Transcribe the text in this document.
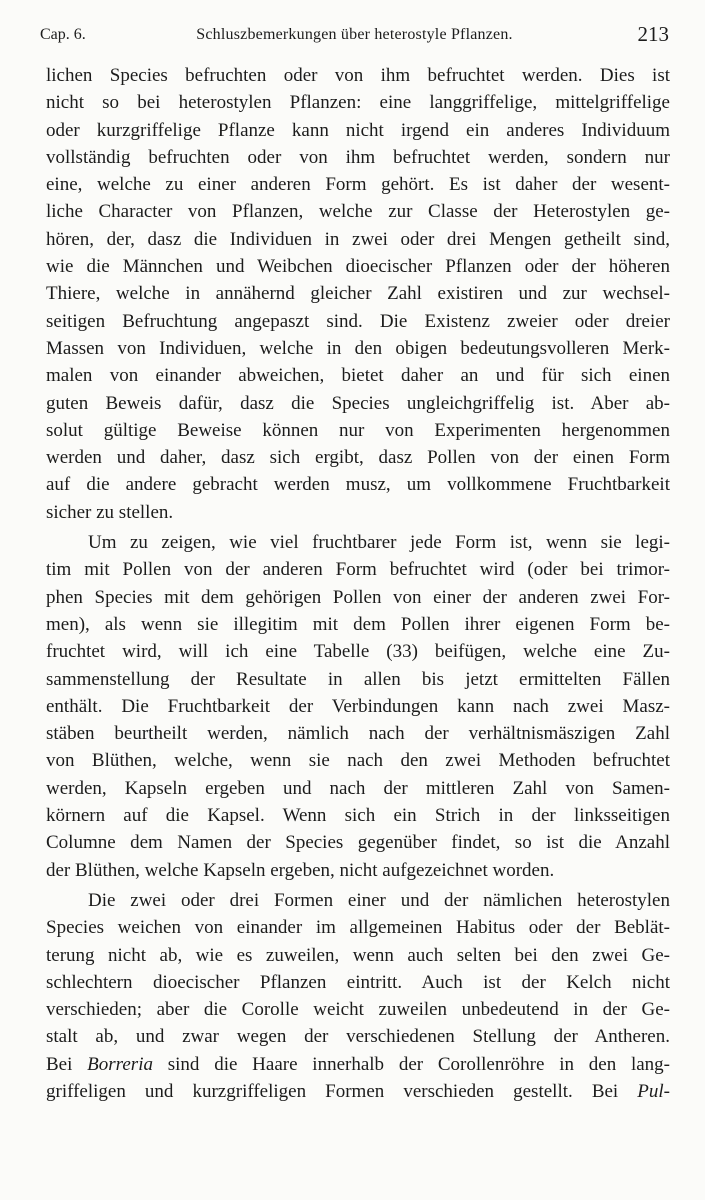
Cap. 6.	Schluszbemerkungen über heterostyle Pflanzen.	213
lichen Species befruchten oder von ihm befruchtet werden. Dies ist
nicht so bei heterostylen Pflanzen: eine langgriffelige, mittelgriffelige
oder kurzgriffelige Pflanze kann nicht irgend ein anderes Individuum
vollständig befruchten oder von ihm befruchtet werden, sondern nur
eine, welche zu einer anderen Form gehört. Es ist daher der wesent-
liche Character von Pflanzen, welche zur Classe der Heterostylen ge-
hören, der, dasz die Individuen in zwei oder drei Mengen getheilt sind,
wie die Männchen und Weibchen dioecischer Pflanzen oder der höheren
Thiere, welche in annähernd gleicher Zahl existiren und zur wechsel-
seitigen Befruchtung angepaszt sind. Die Existenz zweier oder dreier
Massen von Individuen, welche in den obigen bedeutungsvolleren Merk-
malen von einander abweichen, bietet daher an und für sich einen
guten Beweis dafür, dasz die Species ungleichgriffelig ist. Aber ab-
solut gültige Beweise können nur von Experimenten hergenommen
werden und daher, dasz sich ergibt, dasz Pollen von der einen Form
auf die andere gebracht werden musz, um vollkommene Fruchtbarkeit
sicher zu stellen.
Um zu zeigen, wie viel fruchtbarer jede Form ist, wenn sie legi-
tim mit Pollen von der anderen Form befruchtet wird (oder bei trimor-
phen Species mit dem gehörigen Pollen von einer der anderen zwei For-
men), als wenn sie illegitim mit dem Pollen ihrer eigenen Form be-
fruchtet wird, will ich eine Tabelle (33) beifügen, welche eine Zu-
sammenstellung der Resultate in allen bis jetzt ermittelten Fällen
enthält. Die Fruchtbarkeit der Verbindungen kann nach zwei Masz-
stäben beurtheilt werden, nämlich nach der verhältnismäszigen Zahl
von Blüthen, welche, wenn sie nach den zwei Methoden befruchtet
werden, Kapseln ergeben und nach der mittleren Zahl von Samen-
körnern auf die Kapsel. Wenn sich ein Strich in der linksseitigen
Columne dem Namen der Species gegenüber findet, so ist die Anzahl
der Blüthen, welche Kapseln ergeben, nicht aufgezeichnet worden.
Die zwei oder drei Formen einer und der nämlichen heterostylen
Species weichen von einander im allgemeinen Habitus oder der Beblät-
terung nicht ab, wie es zuweilen, wenn auch selten bei den zwei Ge-
schlechtern dioecischer Pflanzen eintritt. Auch ist der Kelch nicht
verschieden; aber die Corolle weicht zuweilen unbedeutend in der Ge-
stalt ab, und zwar wegen der verschiedenen Stellung der Antheren.
Bei Borreria sind die Haare innerhalb der Corollenröhre in den lang-
griffeligen und kurzgriffeligen Formen verschieden gestellt. Bei Pul-
